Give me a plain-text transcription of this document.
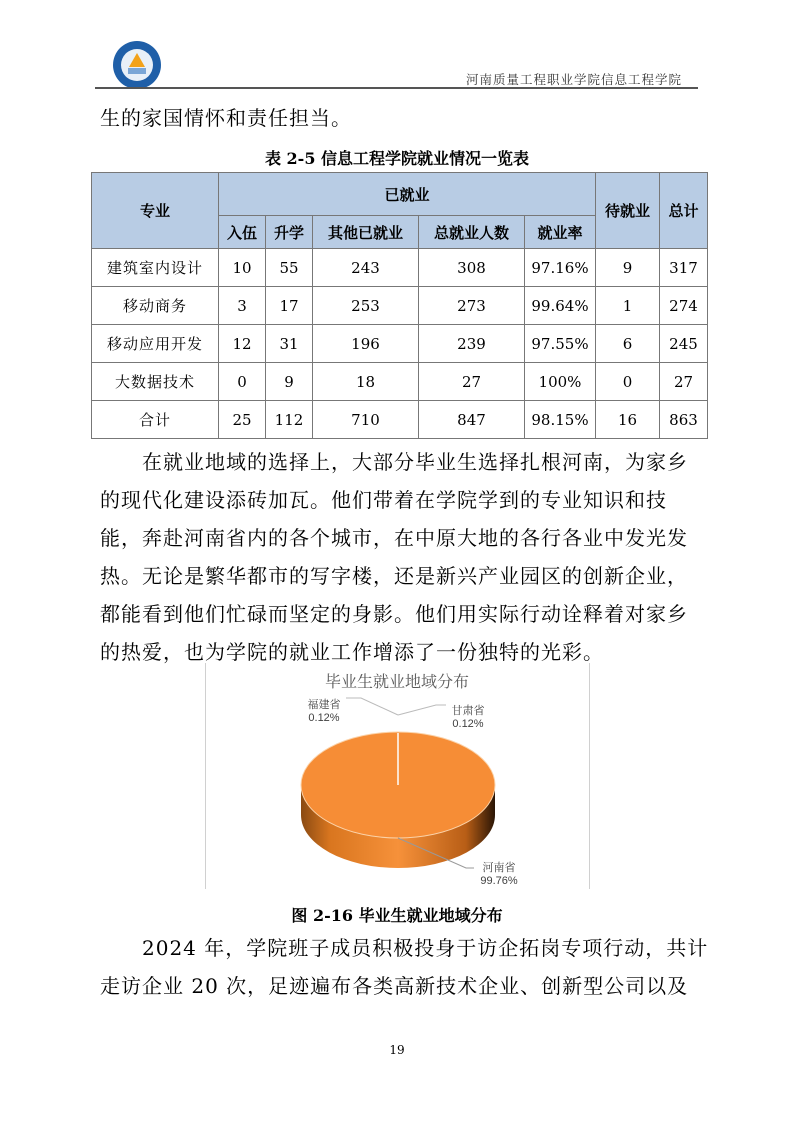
河南质量工程职业学院信息工程学院
生的家国情怀和责任担当。
表 2-5 信息工程学院就业情况一览表
专业	已就业					待就业	总计
	入伍	升学	其他已就业	总就业人数	就业率		
建筑室内设计	10	55	243	308	97.16%	9	317
移动商务	3	17	253	273	99.64%	1	274
移动应用开发	12	31	196	239	97.55%	6	245
大数据技术	0	9	18	27	100%	0	27
合计	25	112	710	847	98.15%	16	863
　　在就业地域的选择上，大部分毕业生选择扎根河南，为家乡
的现代化建设添砖加瓦。他们带着在学院学到的专业知识和技
能，奔赴河南省内的各个城市，在中原大地的各行各业中发光发
热。无论是繁华都市的写字楼，还是新兴产业园区的创新企业，
都能看到他们忙碌而坚定的身影。他们用实际行动诠释着对家乡
的热爱，也为学院的就业工作增添了一份独特的光彩。
毕业生就业地域分布
福建省
0.12%
甘肃省
0.12%
河南省
99.76%
图 2-16 毕业生就业地域分布
　　2024 年，学院班子成员积极投身于访企拓岗专项行动，共计
走访企业 20 次，足迹遍布各类高新技术企业、创新型公司以及
19
